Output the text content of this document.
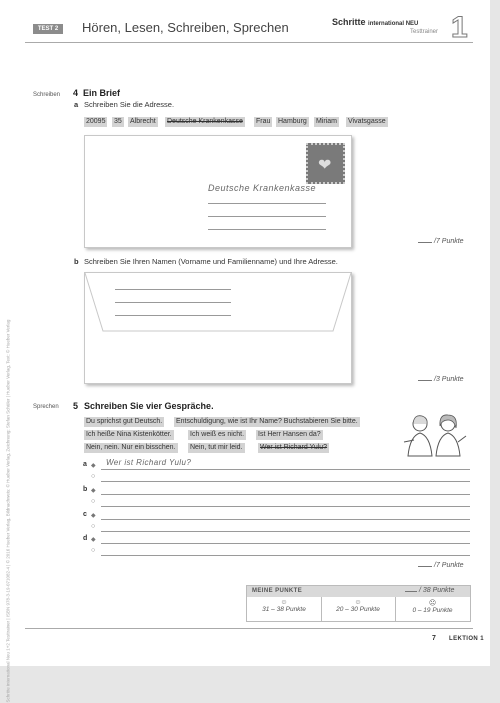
TEST 2	Hören, Lesen, Schreiben, Sprechen	Schritte international NEU
Testtrainer 1
Schritte international Neu 1+2 Testtrainer | ISBN 978-3-19-071082-4 | © 2016 Hueber Verlag, Bildnachweis: © Hueber Verlag, Zeichnung: Stefan Schüler | Hueber Verlag, Text: © Hueber Verlag
Schreiben 4 Ein Brief
a Schreiben Sie die Adresse.
20095 35 Albrecht Deutsche Krankenkasse Frau Hamburg Miriam Vivatsgasse
❤
Deutsche Krankenkasse
/7 Punkte
b Schreiben Sie Ihren Namen (Vorname und Familienname) und Ihre Adresse.
/3 Punkte
Sprechen 5 Schreiben Sie vier Gespräche.
Du sprichst gut Deutsch. Entschuldigung, wie ist Ihr Name? Buchstabieren Sie bitte.
Ich heiße Nina Kistenkötter.	Ich weiß es nicht. Ist Herr Hansen da?
Nein, nein. Nur ein bisschen. Nein, tut mir leid. Wer ist Richard Yulu?
a ◆ Wer ist Richard Yulu?
○
b ◆
○
c ◆
○
d ◆
○
/7 Punkte
MEINE PUNKTE	/ 38 Punkte
☺
31 – 38 Punkte
☺
20 – 30 Punkte
☹
0 – 19 Punkte
7 LEKTION 1
